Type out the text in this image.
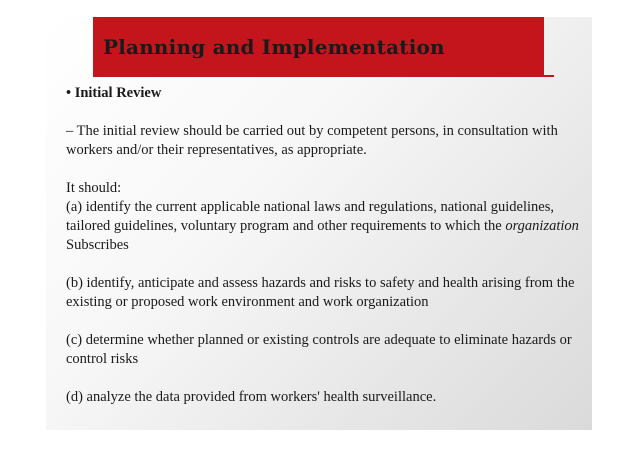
Planning and Implementation

• Initial Review

– The initial review should be carried out by competent persons, in consultation with workers and/or their representatives, as appropriate.

It should:

(a) identify the current applicable national laws and regulations, national guidelines, tailored guidelines, voluntary program and other requirements to which the organization Subscribes

(b) identify, anticipate and assess hazards and risks to safety and health arising from the existing or proposed work environment and work organization

(c) determine whether planned or existing controls are adequate to eliminate hazards or control risks

(d) analyze the data provided from workers' health surveillance.
